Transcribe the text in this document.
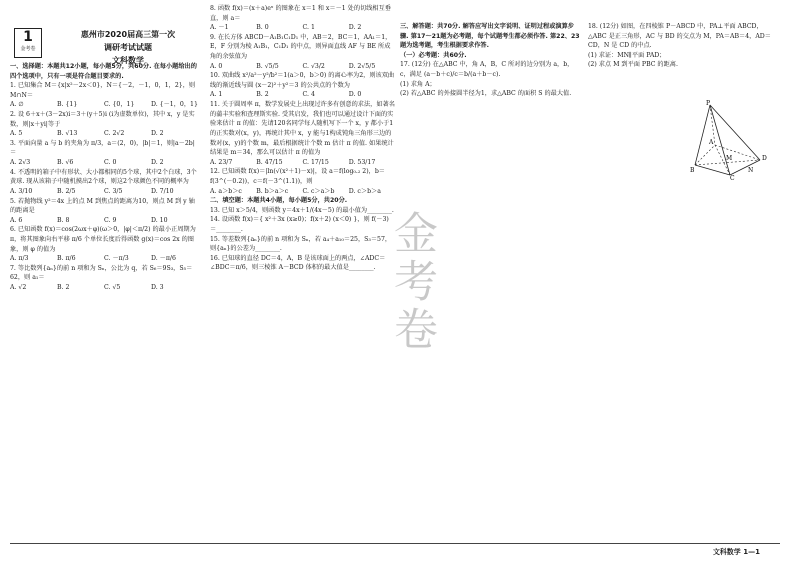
1
金考卷
惠州市2020届高三第一次
调研考试试题
文科数学
一、选择题：本题共12小题，每小题5分，共60分. 在每小题给出的四个选项中，只有一项是符合题目要求的.

1. 已知集合 M＝{x|x²－2x＜0}，N＝{－2，－1，0，1，2}，则 M∩N＝

A. ∅	B. {1}	C. {0，1}	D. {－1，0，1}

2. 设 6＋x＋(3－2x)i＝3＋(y＋5)i (i为虚数单位)，其中 x，y 是实数，则|x＋yi|等于

A. 5	B. √13	C. 2√2	D. 2

3. 平面向量 a 与 b 的夹角为 π/3，a＝(2，0)，|b|＝1，则|a－2b|＝

A. 2√3	B. √6	C. 0	D. 2

4. 不透明的箱子中有形状、大小都相同的5个球，其中2个白球，3个黄球. 现从该箱子中随机摸出2个球，则这2个球颜色不同的概率为

A. 3/10	B. 2/5	C. 3/5	D. 7/10

5. 若抛物线 y²＝4x 上的点 M 到焦点的距离为10，则点 M 到 y 轴的距离是

A. 6	B. 8	C. 9	D. 10

6. 已知函数 f(x)＝cos(2ωx＋φ)(ω＞0，|φ|＜π/2) 的最小正周期为 π，将其图象向右平移 π/6 个单位长度后得函数 g(x)＝cos 2x 的图象，则 φ 的值为

A. π/3	B. π/6	C. －π/3	D. －π/6

7. 等比数列{aₙ}的前 n 项和为 Sₙ，公比为 q，若 S₆＝9S₃，S₅＝62，则 a₁＝

A. √2	B. 2	C. √5	D. 3

8. 函数 f(x)＝(x＋a)eˣ 的图象在 x＝1 和 x＝－1 处的切线相互垂直，则 a＝

A. －1	B. 0	C. 1	D. 2

9. 在长方体 ABCD－A₁B₁C₁D₁ 中，AB＝2，BC＝1，AA₁＝1，E，F 分别为棱 A₁B₁，C₁D₁ 的中点，则异面直线 AF 与 BE 所成角的余弦值为

A. 0	B. √5/5	C. √3/2	D. 2√5/5

10. 双曲线 x²/a²－y²/b²＝1(a＞0，b＞0) 的离心率为2，则该双曲线的渐近线与圆 (x－2)²＋y²＝3 的公共点的个数为

A. 1	B. 2	C. 4	D. 0

11. 关于圆周率 π，数学发展史上出现过许多有创意的求法，如著名的蒲丰实验和查理斯实验. 受其启发，我们也可以通过设计下面的实验来估计 π 的值：先请120名同学每人随机写下一个 x，y 都小于1的正实数对(x，y)，再统计其中 x，y 能与1构成钝角三角形三边的数对(x，y)的个数 m，最后根据统计个数 m 估计 π 的值. 如果统计结果是 m＝34，那么可以估计 π 的值为

A. 23/7	B. 47/15	C. 17/15	D. 53/17

12. 已知函数 f(x)＝|ln(√(x²＋1)－x)|，设 a＝f(log₀.₂ 2)，b＝f(3^(－0.2))，c＝f(－3^(1.1))，则

A. a＞b＞c	B. b＞a＞c	C. c＞a＞b	D. c＞b＞a
二、填空题：本题共4小题，每小题5分，共20分.

13. 已知 x＞5/4，则函数 y＝4x＋1/(4x－5) 的最小值为________.

14. 设函数 f(x)＝{ x²＋3x (x≥0)；f(x＋2) (x＜0) }，则 f(－3)＝________.

15. 等差数列{aₙ}的前 n 项和为 Sₙ，若 a₄＋a₁₀＝25，S₃＝57，则{aₙ}的公差为________.

16. 已知球的直径 DC＝4，A，B 是该球面上的两点，∠ADC＝∠BDC＝π/6，则三棱锥 A－BCD 体积的最大值是________.

三、解答题：共70分. 解答应写出文字说明、证明过程或演算步骤. 第17～21题为必考题，每个试题考生都必须作答. 第22、23题为选考题，考生根据要求作答.
（一）必考题：共60分.

17. (12分) 在△ABC 中，角 A，B，C 所对的边分别为 a，b，c，满足 (a－b＋c)/c＝b/(a＋b－c).

(1) 求角 A；

(2) 若△ABC 的外接圆半径为1，求△ABC 的面积 S 的最大值.

18. (12分) 如图，在四棱锥 P－ABCD 中，PA⊥平面 ABCD，△ABC 是正三角形，AC 与 BD 的交点为 M，PA＝AB＝4，AD＝CD，N 是 CD 的中点.

(1) 求证：MN∥平面 PAD；

(2) 求点 M 到平面 PBC 的距离.

P
A
B
C
D
M
N
金考卷
文科数学 1—1
